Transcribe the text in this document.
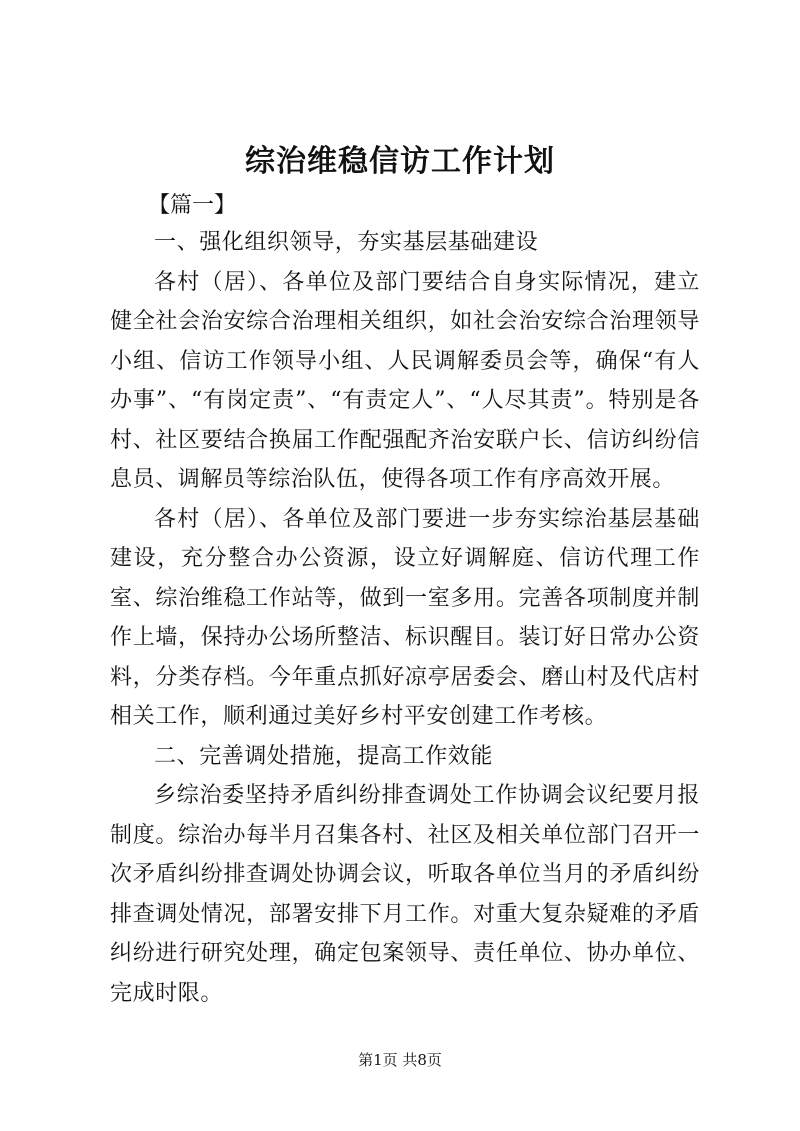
综治维稳信访工作计划
【篇一】

一、强化组织领导，夯实基层基础建设

各村（居）、各单位及部门要结合自身实际情况，建立健全社会治安综合治理相关组织，如社会治安综合治理领导小组、信访工作领导小组、人民调解委员会等，确保“有人办事”、“有岗定责”、“有责定人”、“人尽其责”。特别是各村、社区要结合换届工作配强配齐治安联户长、信访纠纷信息员、调解员等综治队伍，使得各项工作有序高效开展。

各村（居）、各单位及部门要进一步夯实综治基层基础建设，充分整合办公资源，设立好调解庭、信访代理工作室、综治维稳工作站等，做到一室多用。完善各项制度并制作上墙，保持办公场所整洁、标识醒目。装订好日常办公资料，分类存档。今年重点抓好凉亭居委会、磨山村及代店村相关工作，顺利通过美好乡村平安创建工作考核。

二、完善调处措施，提高工作效能

乡综治委坚持矛盾纠纷排查调处工作协调会议纪要月报制度。综治办每半月召集各村、社区及相关单位部门召开一次矛盾纠纷排查调处协调会议，听取各单位当月的矛盾纠纷排查调处情况，部署安排下月工作。对重大复杂疑难的矛盾纠纷进行研究处理，确定包案领导、责任单位、协办单位、完成时限。

第1页 共8页
